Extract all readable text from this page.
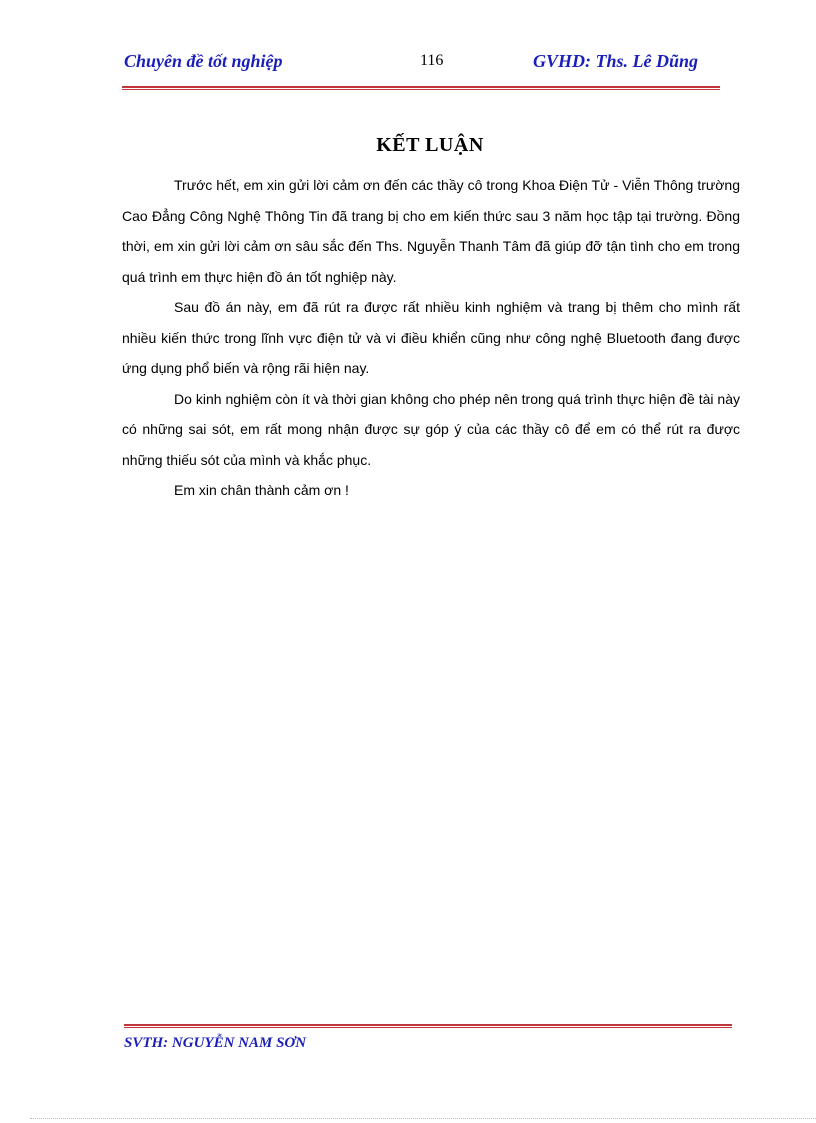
Chuyên đề tốt nghiệp	116	GVHD: Ths. Lê Dũng
KẾT LUẬN

Trước hết, em xin gửi lời cảm ơn đến các thầy cô trong Khoa Điện Tử - Viễn Thông trường Cao Đẳng Công Nghệ Thông Tin đã trang bị cho em kiến thức sau 3 năm học tập tại trường. Đồng thời, em xin gửi lời cảm ơn sâu sắc đến Ths. Nguyễn Thanh Tâm đã giúp đỡ tận tình cho em trong quá trình em thực hiện đồ án tốt nghiệp này.

Sau đồ án này, em đã rút ra được rất nhiều kinh nghiệm và trang bị thêm cho mình rất nhiều kiến thức trong lĩnh vực điện tử và vi điều khiển cũng như công nghệ Bluetooth đang được ứng dụng phổ biến và rộng rãi hiện nay.

Do kinh nghiệm còn ít và thời gian không cho phép nên trong quá trình thực hiện đề tài này có những sai sót, em rất mong nhận được sự góp ý của các thầy cô để em có thể rút ra được những thiếu sót của mình và khắc phục.

Em xin chân thành cảm ơn !

SVTH: NGUYỄN NAM SƠN
